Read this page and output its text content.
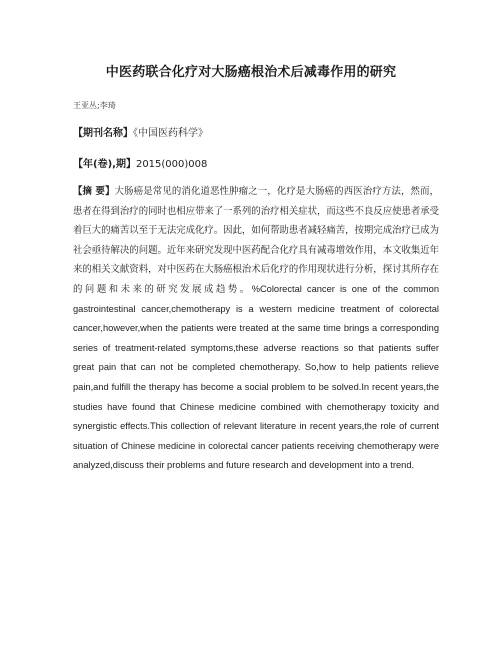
中医药联合化疗对大肠癌根治术后减毒作用的研究
王亚丛;李琦
【期刊名称】《中国医药科学》
【年(卷),期】2015(000)008
【摘 要】大肠癌是常见的消化道恶性肿瘤之一，化疗是大肠癌的西医治疗方法，然而，患者在得到治疗的同时也相应带来了一系列的治疗相关症状，而这些不良反应使患者承受着巨大的痛苦以至于无法完成化疗。因此，如何帮助患者减轻痛苦，按期完成治疗已成为社会亟待解决的问题。近年来研究发现中医药配合化疗具有减毒增效作用，本文收集近年来的相关文献资料，对中医药在大肠癌根治术后化疗的作用现状进行分析，探讨其所存在的问题和未来的研究发展成趋势。%Colorectal cancer is one of the common gastrointestinal cancer,chemotherapy is a western medicine treatment of colorectal cancer,however,when the patients were treated at the same time brings a corresponding series of treatment-related symptoms,these adverse reactions so that patients suffer great pain that can not be completed chemotherapy. So,how to help patients relieve pain,and fulfill the therapy has become a social problem to be solved.In recent years,the studies have found that Chinese medicine combined with chemotherapy toxicity and synergistic effects.This collection of relevant literature in recent years,the role of current situation of Chinese medicine in colorectal cancer patients receiving chemotherapy were analyzed,discuss their problems and future research and development into a trend.
